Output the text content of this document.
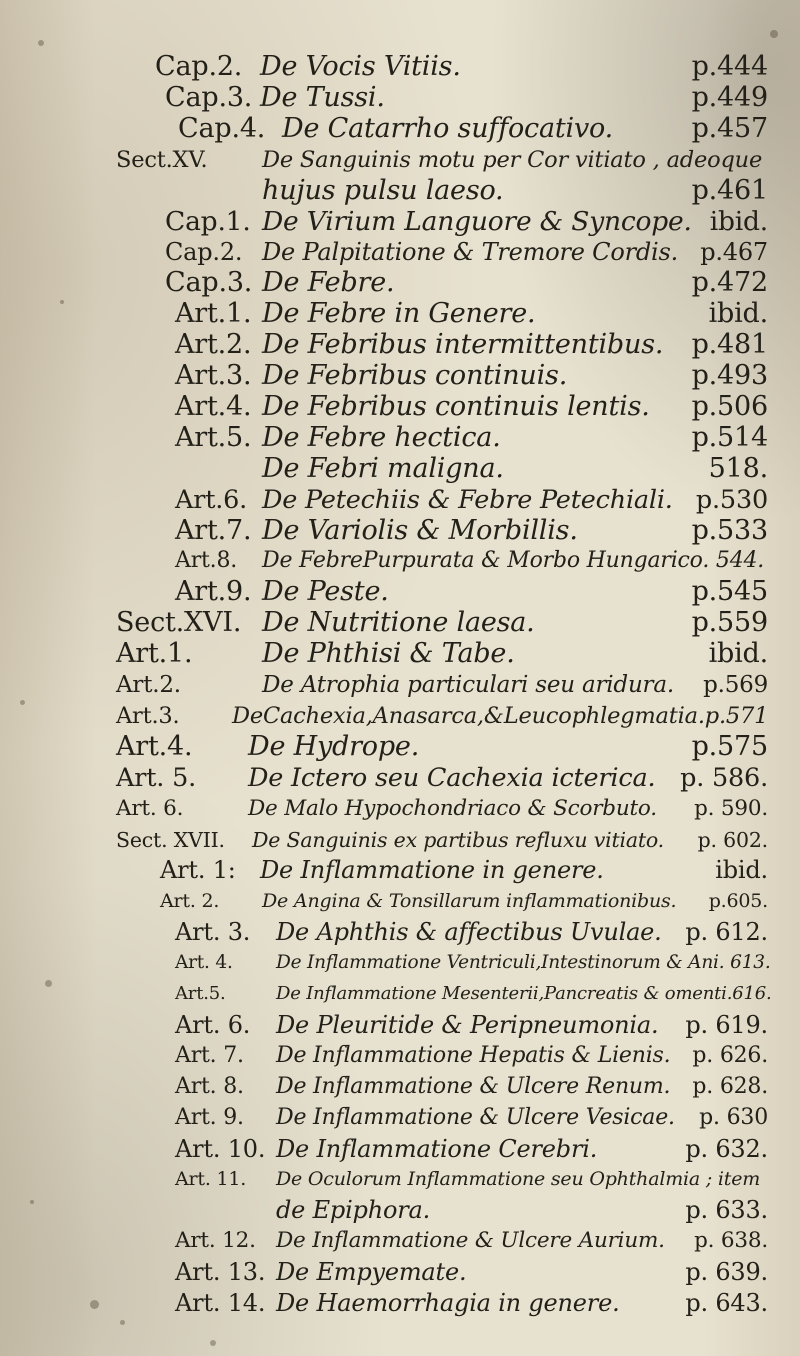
Cap.2. De Vocis Vitiis.	p.444
Cap.3. De Tussi.	p.449
Cap.4. De Catarrho suffocativo.	p.457
Sect.XV. De Sanguinis motu per Cor vitiato , adeoque
hujus pulsu laeso.	p.461
Cap.1. De Virium Languore & Syncope. ibid.
Cap.2. De Palpitatione & Tremore Cordis. p.467
Cap.3. De Febre.	p.472
Art.1. De Febre in Genere.	ibid.
Art.2. De Febribus intermittentibus. p.481
Art.3. De Febribus continuis.	p.493
Art.4. De Febribus continuis lentis. p.506
Art.5. De Febre hectica.	p.514
De Febri maligna.	518.
Art.6. De Petechiis & Febre Petechiali. p.530
Art.7. De Variolis & Morbillis.	p.533
Art.8. De FebrePurpurata & Morbo Hungarico. 544.
Art.9. De Peste.	p.545
Sect.XVI. De Nutritione laesa.	p.559
Art.1.	De Phthisi & Tabe.	ibid.
Art.2.	De Atrophia particulari seu aridura. p.569
Art.3. DeCachexia,Anasarca,&Leucophlegmatia.p.571
Art.4. De Hydrope.	p.575
Art. 5. De Ictero seu Cachexia icterica. p. 586.
Art. 6.	De Malo Hypochondriaco & Scorbuto. p. 590.
Sect. XVII. De Sanguinis ex partibus refluxu vitiato. p. 602.
Art. 1: De Inflammatione in genere.	ibid.
Art. 2. De Angina & Tonsillarum inflammationibus. p.605.
Art. 3. De Aphthis & affectibus Uvulae. p. 612.
Art. 4. De Inflammatione Ventriculi,Intestinorum & Ani. 613.
Art.5.	De Inflammatione Mesenterii,Pancreatis & omenti.616.
Art. 6. De Pleuritide & Peripneumonia. p. 619.
Art. 7. De Inflammatione Hepatis & Lienis. p. 626.
Art. 8. De Inflammatione & Ulcere Renum. p. 628.
Art. 9. De Inflammatione & Ulcere Vesicae. p. 630
Art. 10. De Inflammatione Cerebri.	p. 632.
Art. 11. De Oculorum Inflammatione seu Ophthalmia ; item
de Epiphora.	p. 633.
Art. 12. De Inflammatione & Ulcere Aurium. p. 638.
Art. 13. De Empyemate.	p. 639.
Art. 14. De Haemorrhagia in genere.	p. 643.
